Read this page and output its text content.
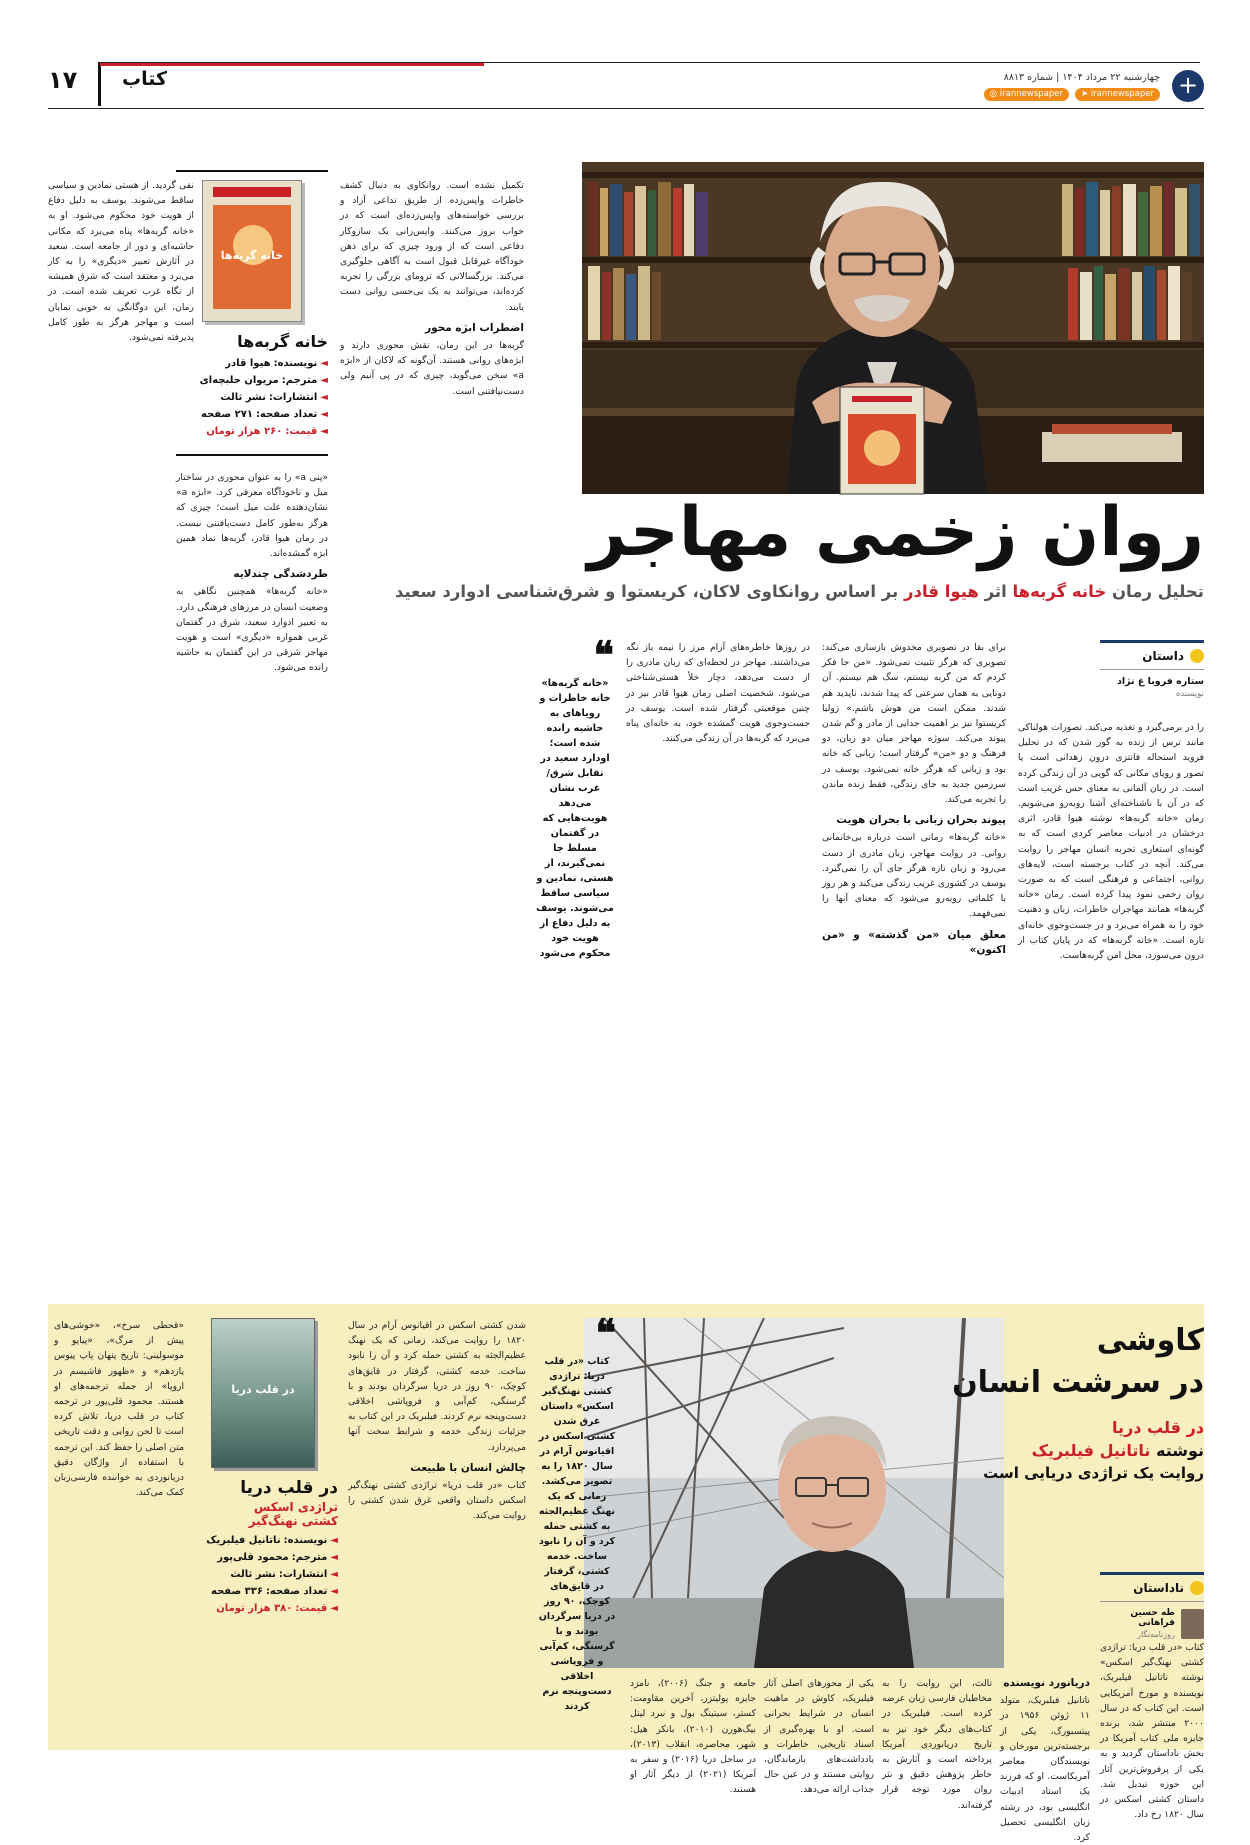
۱۷ کتاب	+
چهارشنبه ۲۲ مرداد ۱۴۰۴ | شماره ۸۸۱۳
◎ irannewspaper	➤ irannewspaper
روان زخمی مهاجر
تحلیل رمان خانه گربه‌ها اثر هیوا قادر بر اساس روانکاوی لاکان، کریستوا و شرق‌شناسی ادوارد سعید
داستان
ستاره فروبا غ نژاد
نویسنده

را در برمی‌گیرد و تغذیه می‌کند. تصورات هولناکی مانند ترس از زنده به گور شدن که در تحلیل فروید استحاله فانتزی درون زهدانی است یا تصور و رویای مکانی که گویی در آن زندگی کرده است. در زبان آلمانی به معنای حس غریب است که در آن با ناشناخته‌ای آشنا روبه‌رو می‌شویم. رمان «خانه گربه‌ها» نوشته هیوا قادر، اثری درخشان در ادبیات معاصر کردی است که به گونه‌ای استعاری تجربه انسان مهاجر را روایت می‌کند. آنچه در کتاب برجسته است، لایه‌های روانی، اجتماعی و فرهنگی است که به صورت روان زخمی نمود پیدا کرده است. رمان «خانه گربه‌ها» همانند مهاجران خاطرات، زبان و ذهنیت خود را به همراه می‌برد و در جست‌وجوی خانه‌ای تازه است. «خانه گربه‌ها» که در پایان کتاب از درون می‌سوزد، محل امن گربه‌هاست.

برای بقا در تصویری مخدوش بازسازی می‌کند: تصویری که هرگز تثبیت نمی‌شود. «من جا فکر کردم که من گربه نیستم، سگ هم نیستم. آن دوتایی به همان سرعتی که پیدا شدند، ناپدید هم شدند. ممکن است من هوش باشم.» زولیا کریستوا نیز بر اهمیت جدایی از مادر و گم شدن پیوند می‌کند. سوژه مهاجر میان دو زبان، دو فرهنگ و دو «من» گرفتار است؛ زبانی که خانه بود و زبانی که هرگز خانه نمی‌شود. یوسف در سرزمین جدید به جای زندگی، فقط زنده ماندن را تجربه می‌کند.

پیوند بحران زبانی با بحران هویت

«خانه گربه‌ها» رمانی است درباره بی‌خانمانی روانی. در روایت مهاجر، زبان مادری از دست می‌رود و زبان تازه هرگز جای آن را نمی‌گیرد. یوسف در کشوری غریب زندگی می‌کند و هر روز با کلماتی روبه‌رو می‌شود که معنای آنها را نمی‌فهمد.

معلق میان «من گذشته» و «من اکنون»

در روزها خاطره‌های آرام مرز را نیمه باز نگه می‌داشتند. مهاجر در لحظه‌ای که زبان مادری را از دست می‌دهد، دچار خلأ هستی‌شناختی می‌شود. شخصیت اصلی رمان هیوا قادر نیز در چنین موقعیتی گرفتار شده است. یوسف در جست‌وجوی هویت گمشده خود، به خانه‌ای پناه می‌برد که گربه‌ها در آن زندگی می‌کنند.

❝
«خانه گربه‌ها» خانه خاطرات و رویاهای به حاشیه رانده شده است؛ اودارد سعید در تقابل شرق/غرب نشان می‌دهد هویت‌هایی که در گفتمان مسلط جا نمی‌گیرند، از هستی، نمادین و سیاسی ساقط می‌شوند. یوسف به دلیل دفاع از هویت خود محکوم می‌شود

تکمیل نشده است. روانکاوی به دنبال کشف خاطرات واپس‌زده از طریق تداعی آزاد و بررسی خواسته‌های واپس‌زده‌ای است که در خواب بروز می‌کنند. واپس‌رانی یک سازوکار دفاعی است که از ورود چیزی که برای ذهن خودآگاه غیرقابل قبول است به آگاهی جلوگیری می‌کند. بزرگسالانی که ترومای بزرگی را تجربه کرده‌اند، می‌توانند به یک بی‌حسی روانی دست یابند.

اضطراب ابژه محور

گربه‌ها در این رمان، نقش محوری دارند و ابژه‌های روانی هستند. آن‌گونه که لاکان از «ابژه a» سخن می‌گوید، چیزی که در پی آنیم ولی دست‌نیافتنی است.

خانه گربه‌ها
خانه گربه‌ها
◄
نویسنده:
هیوا قادر
◄
مترجم:
مریوان حلبچه‌ای
◄
انتشارات:
نشر ثالث
◄
تعداد صفحه:
۲۷۱ صفحه
◄
قیمت:
۲۶۰ هزار تومان

«پنی a» را به عنوان محوری در ساختار میل و ناخودآگاه معرفی کرد. «ابژه a» نشان‌دهنده علت میل است؛ چیزی که هرگز به‌طور کامل دست‌یافتنی نیست. در رمان هیوا قادر، گربه‌ها نماد همین ابژه گمشده‌اند.

طردشدگی چندلایه

«خانه گربه‌ها» همچنین نگاهی به وضعیت انسان در مرزهای فرهنگی دارد. به تعبیر ادوارد سعید، شرق در گفتمان غربی همواره «دیگری» است و هویت مهاجر شرقی در این گفتمان به حاشیه رانده می‌شود.

نفی گردید. از هستی نمادین و سیاسی ساقط می‌شوند. یوسف به دلیل دفاع از هویت خود محکوم می‌شود. او به «خانه گربه‌ها» پناه می‌برد که مکانی حاشیه‌ای و دور از جامعه است. سعید در آثارش تعبیر «دیگری» را به کار می‌برد و معتقد است که شرق همیشه از نگاه غرب تعریف شده است. در رمان، این دوگانگی به خوبی نمایان است و مهاجر هرگز به طور کامل پذیرفته نمی‌شود.

کاوشی
در سرشت انسان
در قلب دریا
نوشته ناتانیل فیلبریک
روایت یک تراژدی دریایی است
ناداستان
طه حسین فراهانی
روزنامه‌نگار

کتاب «در قلب دریا: تراژدی کشتی نهنگ‌گیر اسکس» نوشته ناتانیل فیلبریک، نویسنده و مورخ آمریکایی است. این کتاب که در سال ۲۰۰۰ منتشر شد، برنده جایزه ملی کتاب آمریکا در بخش ناداستان گردید و به یکی از پرفروش‌ترین آثار این حوزه تبدیل شد. داستان کشتی اسکس در سال ۱۸۲۰ رخ داد.

دریانورد نویسنده

ناتانیل فیلبریک، متولد ۱۱ ژوئن ۱۹۵۶ در پیتسبورگ، یکی از برجسته‌ترین مورخان و نویسندگان معاصر آمریکاست. او که فرزند یک استاد ادبیات انگلیسی بود، در رشته زبان انگلیسی تحصیل کرد.

تالث، این روایت را به مخاطبان فارسی زبان عرضه کرده است. فیلبریک در کتاب‌های دیگر خود نیز به تاریخ دریانوردی آمریکا پرداخته است و آثارش به خاطر پژوهش دقیق و نثر روان مورد توجه قرار گرفته‌اند.

یکی از محورهای اصلی آثار فیلبریک، کاوش در ماهیت انسان در شرایط بحرانی است. او با بهره‌گیری از اسناد تاریخی، خاطرات و یادداشت‌های بازماندگان، روایتی مستند و در عین حال جذاب ارائه می‌دهد.

جامعه و جنگ (۲۰۰۶)، نامزد جایزه پولیتزر، آخرین مقاومت: کستر، سیتینگ بول و نبرد لیتل بیگ‌هورن (۲۰۱۰)، بانکر هیل: شهر، محاصره، انقلاب (۲۰۱۳)، در ساحل دریا (۲۰۱۶) و سفر به آمریکا (۲۰۲۱) از دیگر آثار او هستند.

❝
کتاب «در قلب دریا: تراژدی کشتی نهنگ‌گیر اسکس» داستان غرق شدن کشتی اسکس در اقیانوس آرام در سال ۱۸۲۰ را به تصویر می‌کشد. زمانی که یک نهنگ عظیم‌الجثه به کشتی حمله کرد و آن را نابود ساخت. خدمه کشتی، گرفتار در قایق‌های کوچک، ۹۰ روز در دریا سرگردان بودند و با گرسنگی، کم‌آبی و فروپاشی اخلاقی دست‌وپنجه نرم کردند

شدن کشتی اسکس در اقیانوس آرام در سال ۱۸۲۰ را روایت می‌کند، زمانی که یک نهنگ عظیم‌الجثه به کشتی حمله کرد و آن را نابود ساخت. خدمه کشتی، گرفتار در قایق‌های کوچک، ۹۰ روز در دریا سرگردان بودند و با گرسنگی، کم‌آبی و فروپاشی اخلاقی دست‌وپنجه نرم کردند. فیلبریک در این کتاب به جزئیات زندگی خدمه و شرایط سخت آنها می‌پردازد.

چالش انسان با طبیعت

کتاب «در قلب دریا» تراژدی کشتی نهنگ‌گیر اسکس داستان واقعی غرق شدن کشتی را روایت می‌کند.

در قلب دریا
در قلب دریا
تراژدی اسکس
کشتی نهنگ‌گیر
◄
نویسنده:
ناتانیل فیلبریک
◄
مترجم:
محمود قلی‌پور
◄
انتشارات:
نشر ثالث
◄
تعداد صفحه:
۳۳۶ صفحه
◄
قیمت:
۳۸۰ هزار تومان

«قحطی سرخ»، «خوشی‌های پیش از مرگ»، «پیاپو و موسولینی: تاریخ پنهان پاپ پیوس یازدهم» و «ظهور فاشیسم در اروپا» از جمله ترجمه‌های او هستند. محمود قلی‌پور در ترجمه کتاب در قلب دریا، تلاش کرده است تا لحن روایی و دقت تاریخی متن اصلی را حفظ کند. این ترجمه با استفاده از واژگان دقیق دریانوردی به خواننده فارسی‌زبان کمک می‌کند.
